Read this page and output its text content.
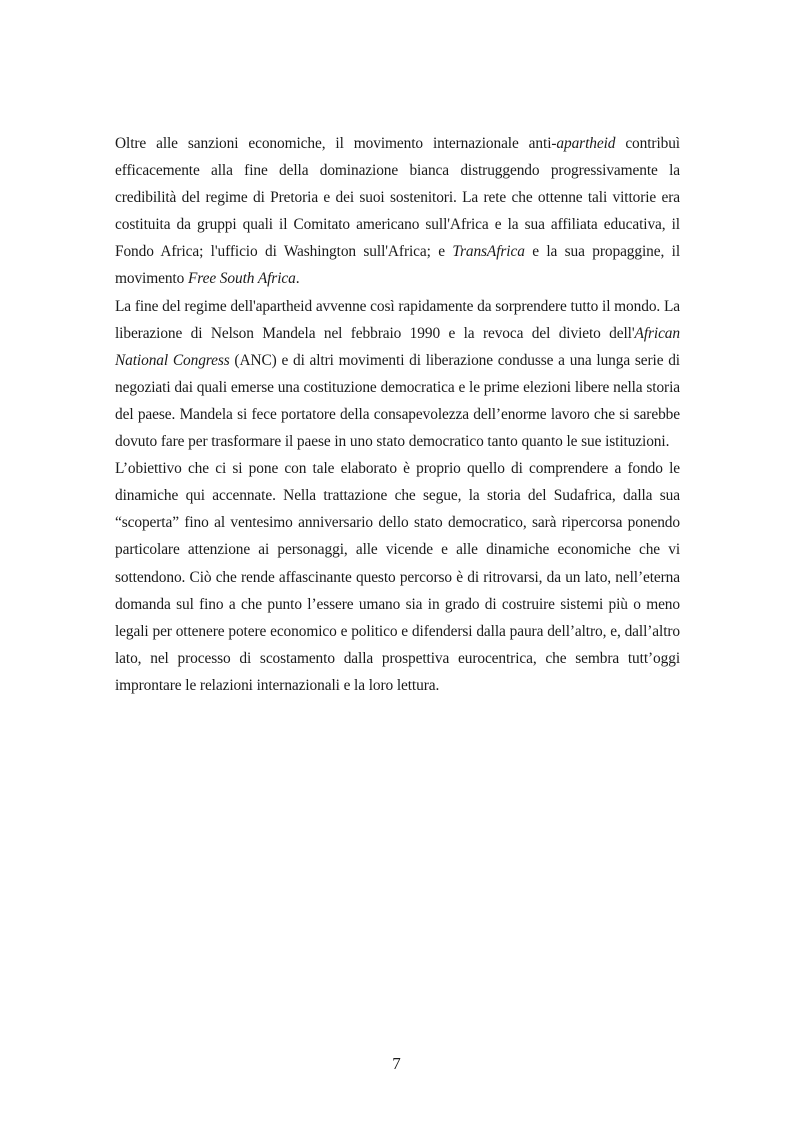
Oltre alle sanzioni economiche, il movimento internazionale anti-apartheid contribuì efficacemente alla fine della dominazione bianca distruggendo progressivamente la credibilità del regime di Pretoria e dei suoi sostenitori. La rete che ottenne tali vittorie era costituita da gruppi quali il Comitato americano sull'Africa e la sua affiliata educativa, il Fondo Africa; l'ufficio di Washington sull'Africa; e TransAfrica e la sua propaggine, il movimento Free South Africa.

La fine del regime dell'apartheid avvenne così rapidamente da sorprendere tutto il mondo. La liberazione di Nelson Mandela nel febbraio 1990 e la revoca del divieto dell'African National Congress (ANC) e di altri movimenti di liberazione condusse a una lunga serie di negoziati dai quali emerse una costituzione democratica e le prime elezioni libere nella storia del paese. Mandela si fece portatore della consapevolezza dell’enorme lavoro che si sarebbe dovuto fare per trasformare il paese in uno stato democratico tanto quanto le sue istituzioni.

L’obiettivo che ci si pone con tale elaborato è proprio quello di comprendere a fondo le dinamiche qui accennate. Nella trattazione che segue, la storia del Sudafrica, dalla sua “scoperta” fino al ventesimo anniversario dello stato democratico, sarà ripercorsa ponendo particolare attenzione ai personaggi, alle vicende e alle dinamiche economiche che vi sottendono. Ciò che rende affascinante questo percorso è di ritrovarsi, da un lato, nell’eterna domanda sul fino a che punto l’essere umano sia in grado di costruire sistemi più o meno legali per ottenere potere economico e politico e difendersi dalla paura dell’altro, e, dall’altro lato, nel processo di scostamento dalla prospettiva eurocentrica, che sembra tutt’oggi improntare le relazioni internazionali e la loro lettura.

7
